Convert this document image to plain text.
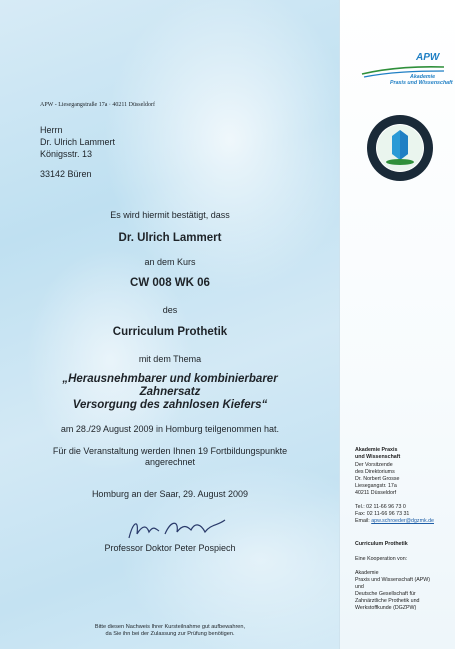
APW
Akademie
Praxis und Wissenschaft
APW - Liesegangstraße 17a · 40211 Düsseldorf
Herrn
Dr. Ulrich Lammert
Königsstr. 13
33142 Büren
Es wird hiermit bestätigt, dass
Dr. Ulrich Lammert
an dem Kurs
CW 008 WK 06
des
Curriculum Prothetik
mit dem Thema
„Herausnehmbarer und kombinierbarer
Zahnersatz
Versorgung des zahnlosen Kiefers“
am 28./29 August 2009 in Homburg teilgenommen hat.
Für die Veranstaltung werden Ihnen 19 Fortbildungspunkte
angerechnet
Homburg an der Saar, 29. August 2009
Professor Doktor Peter Pospiech
Bitte diesen Nachweis Ihrer Kursteilnahme gut aufbewahren,
da Sie ihn bei der Zulassung zur Prüfung benötigen.
Akademie Praxis
und Wissenschaft
Der Vorsitzende
des Direktoriums
Dr. Norbert Grosse
Liesegangstr. 17a
40211 Düsseldorf
Tel.: 02 11-66 96 73 0
Fax: 02 11-66 96 73 31
Email: apw.schroeder@dgzmk.de
Curriculum Prothetik
Eine Kooperation von:
Akademie
Praxis und Wissenschaft (APW)
und
Deutsche Gesellschaft für
Zahnärztliche Prothetik und
Werkstoffkunde (DGZPW)
